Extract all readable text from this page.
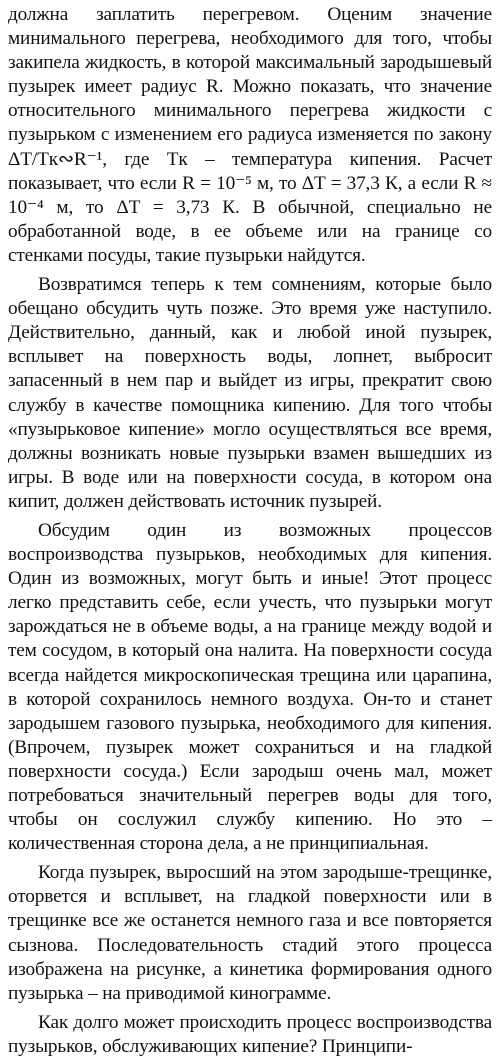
должна заплатить перегревом. Оценим значение минимального перегрева, необходимого для того, чтобы закипела жидкость, в которой максимальный зародышевый пузырек имеет радиус R. Можно показать, что значение относительного минимального перегрева жидкости с пузырьком с изменением его радиуса изменяется по закону ΔT/Tк∾R⁻¹, где Tк – температура кипения. Расчет показывает, что если R = 10⁻⁵ м, то ΔT = 37,3 К, а если R ≈ 10⁻⁴ м, то ΔT = 3,73 К. В обычной, специально не обработанной воде, в ее объеме или на границе со стенками посуды, такие пузырьки найдутся.

Возвратимся теперь к тем сомнениям, которые было обещано обсудить чуть позже. Это время уже наступило. Действительно, данный, как и любой иной пузырек, всплывет на поверхность воды, лопнет, выбросит запасенный в нем пар и выйдет из игры, прекратит свою службу в качестве помощника кипению. Для того чтобы «пузырьковое кипение» могло осуществляться все время, должны возникать новые пузырьки взамен вышедших из игры. В воде или на поверхности сосуда, в котором она кипит, должен действовать источник пузырей.

Обсудим один из возможных процессов воспроизводства пузырьков, необходимых для кипения. Один из возможных, могут быть и иные! Этот процесс легко представить себе, если учесть, что пузырьки могут зарождаться не в объеме воды, а на границе между водой и тем сосудом, в который она налита. На поверхности сосуда всегда найдется микроскопическая трещина или царапина, в которой сохранилось немного воздуха. Он-то и станет зародышем газового пузырька, необходимого для кипения. (Впрочем, пузырек может сохраниться и на гладкой поверхности сосуда.) Если зародыш очень мал, может потребоваться значительный перегрев воды для того, чтобы он сослужил службу кипению. Но это – количественная сторона дела, а не принципиальная.

Когда пузырек, выросший на этом зародыше-трещинке, оторвется и всплывет, на гладкой поверхности или в трещинке все же останется немного газа и все повторяется сызнова. Последовательность стадий этого процесса изображена на рисунке, а кинетика формирования одного пузырька – на приводимой кинограмме.

Как долго может происходить процесс воспроизводства пузырьков, обслуживающих кипение? Принципи-
